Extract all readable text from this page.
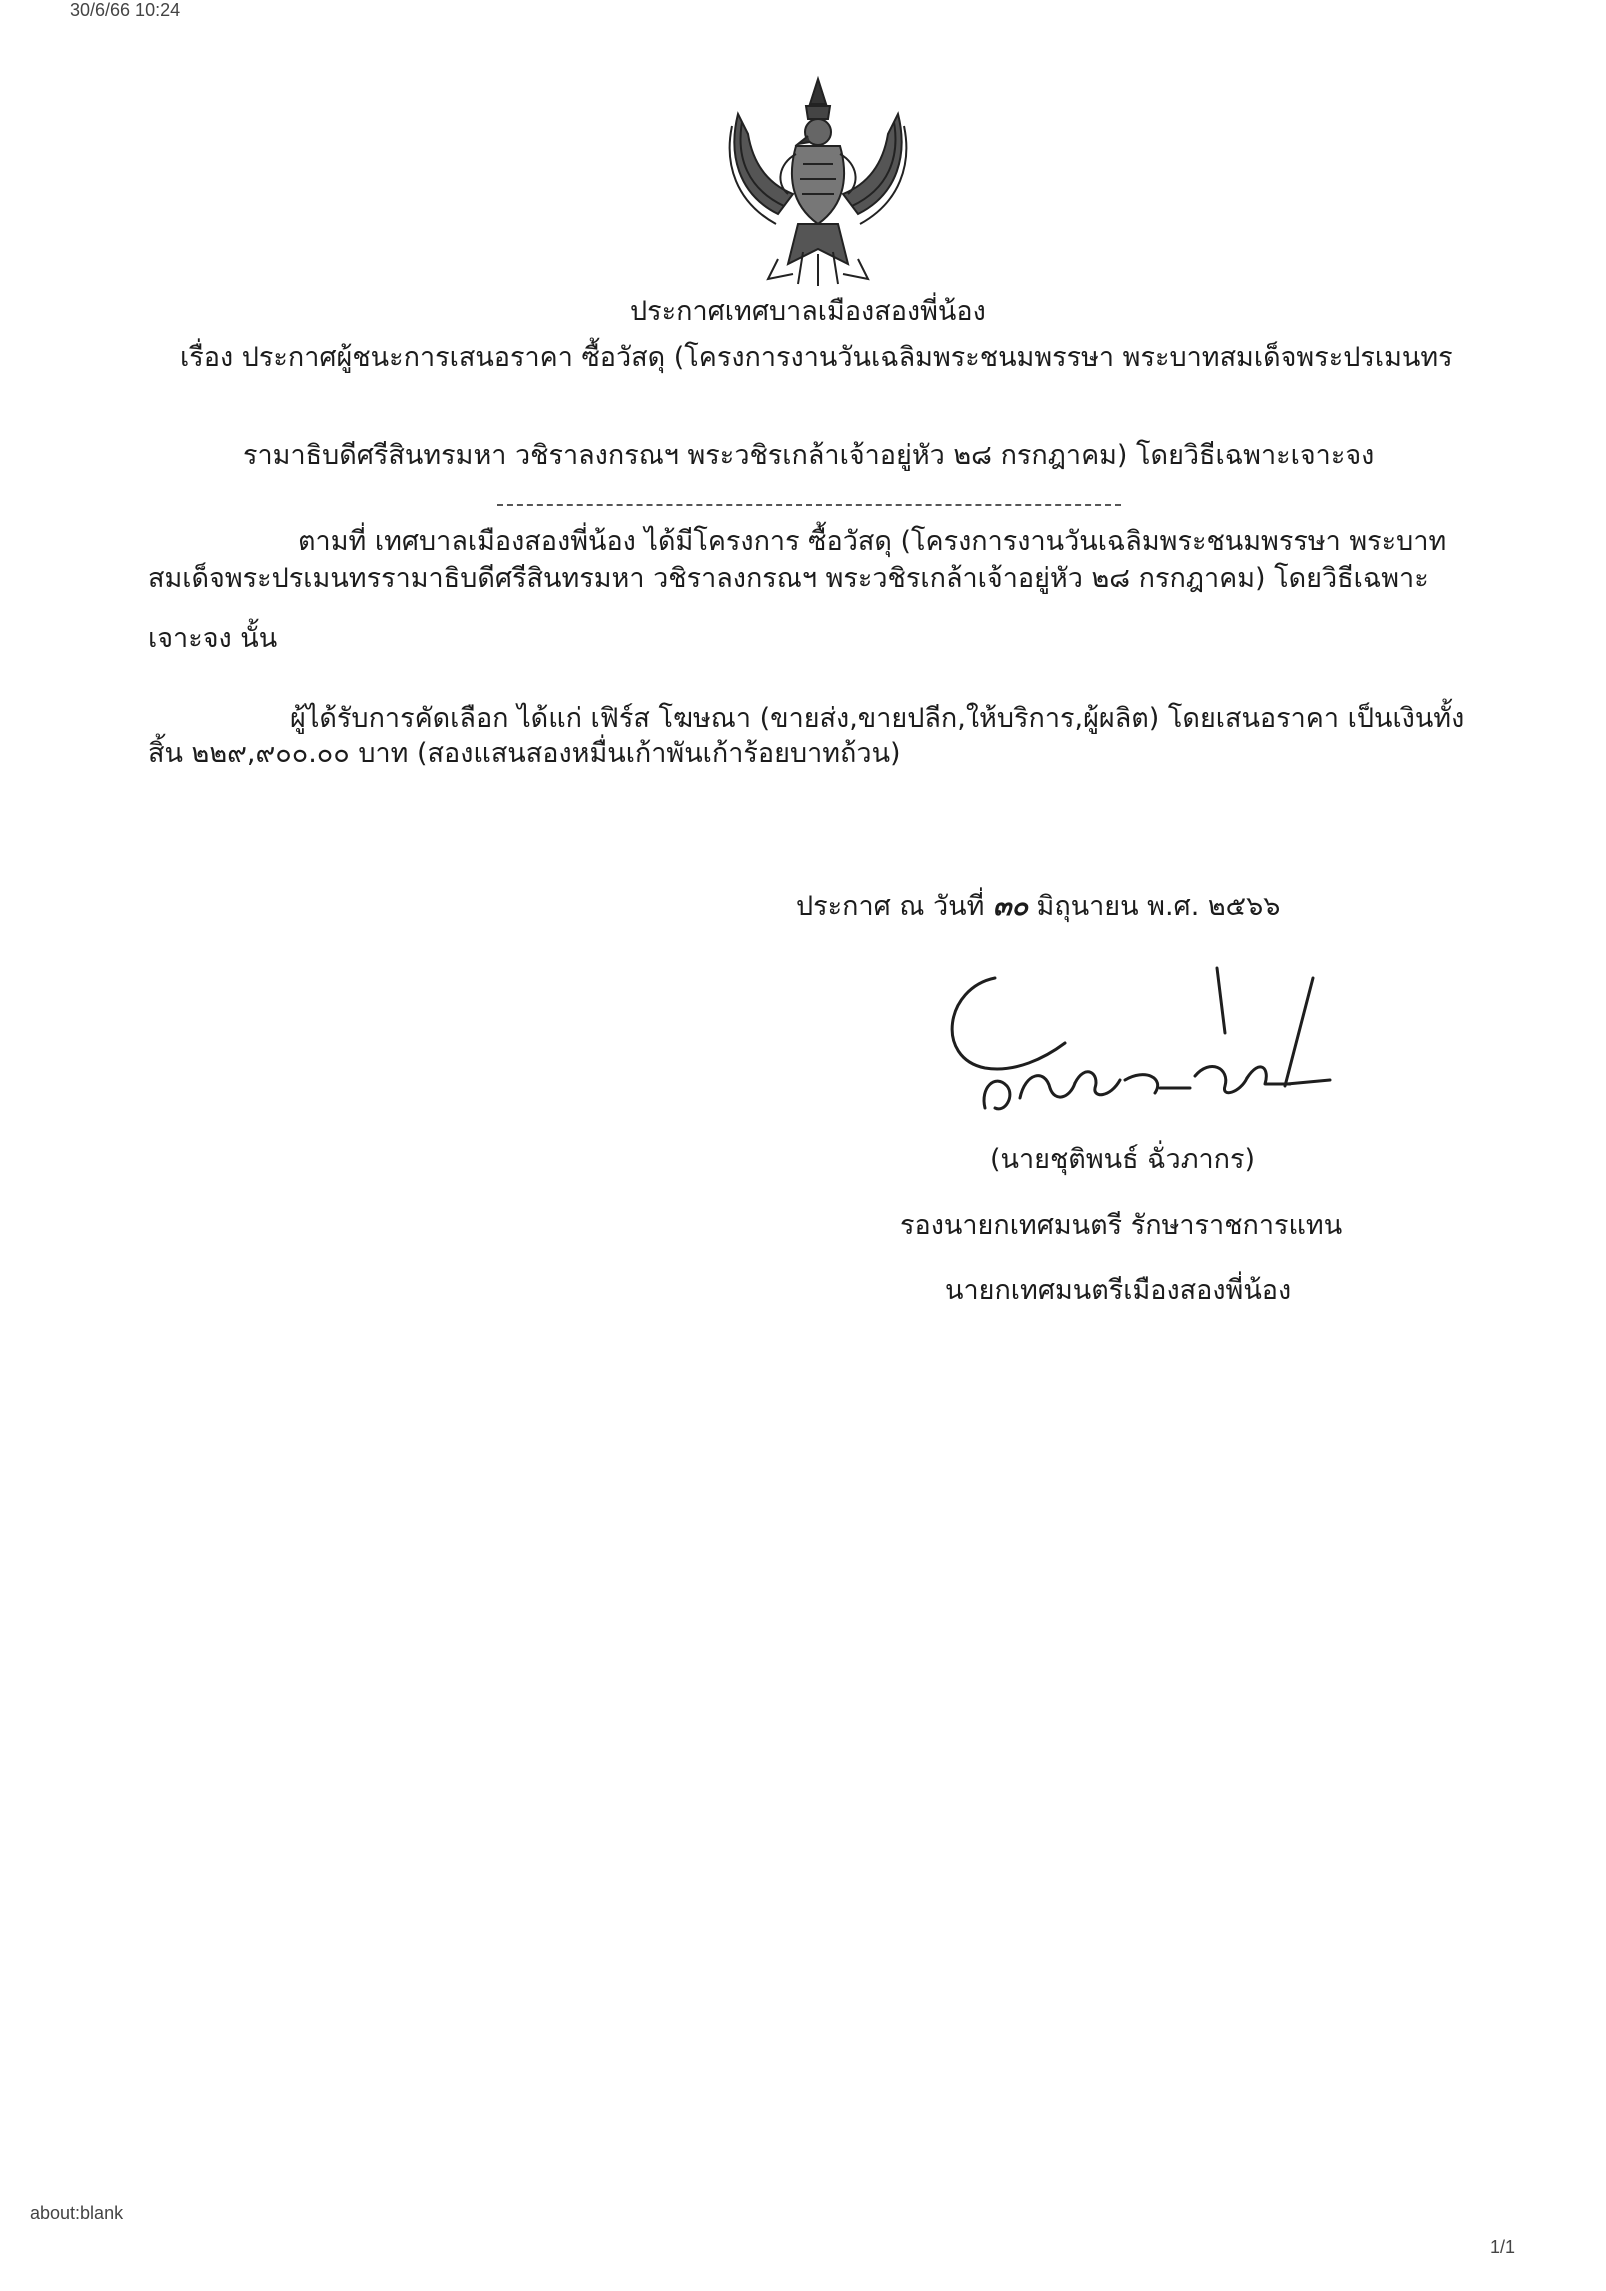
30/6/66 10:24
ประกาศเทศบาลเมืองสองพี่น้อง
เรื่อง ประกาศผู้ชนะการเสนอราคา ซื้อวัสดุ (โครงการงานวันเฉลิมพระชนมพรรษา พระบาทสมเด็จพระปรเมนทร
รามาธิบดีศรีสินทรมหา วชิราลงกรณฯ พระวชิรเกล้าเจ้าอยู่หัว ๒๘ กรกฎาคม) โดยวิธีเฉพาะเจาะจง
ตามที่ เทศบาลเมืองสองพี่น้อง ได้มีโครงการ ซื้อวัสดุ (โครงการงานวันเฉลิมพระชนมพรรษา พระบาท
สมเด็จพระปรเมนทรรามาธิบดีศรีสินทรมหา วชิราลงกรณฯ พระวชิรเกล้าเจ้าอยู่หัว ๒๘ กรกฎาคม) โดยวิธีเฉพาะ
เจาะจง นั้น
ผู้ได้รับการคัดเลือก ได้แก่ เฟิร์ส โฆษณา (ขายส่ง,ขายปลีก,ให้บริการ,ผู้ผลิต) โดยเสนอราคา เป็นเงินทั้ง
สิ้น ๒๒๙,๙๐๐.๐๐ บาท (สองแสนสองหมื่นเก้าพันเก้าร้อยบาทถ้วน)
ประกาศ ณ วันที่ ๓๐ มิถุนายน พ.ศ. ๒๕๖๖
(นายชุติพนธ์ ฉั่วภากร)
รองนายกเทศมนตรี รักษาราชการแทน
นายกเทศมนตรีเมืองสองพี่น้อง
about:blank
1/1
